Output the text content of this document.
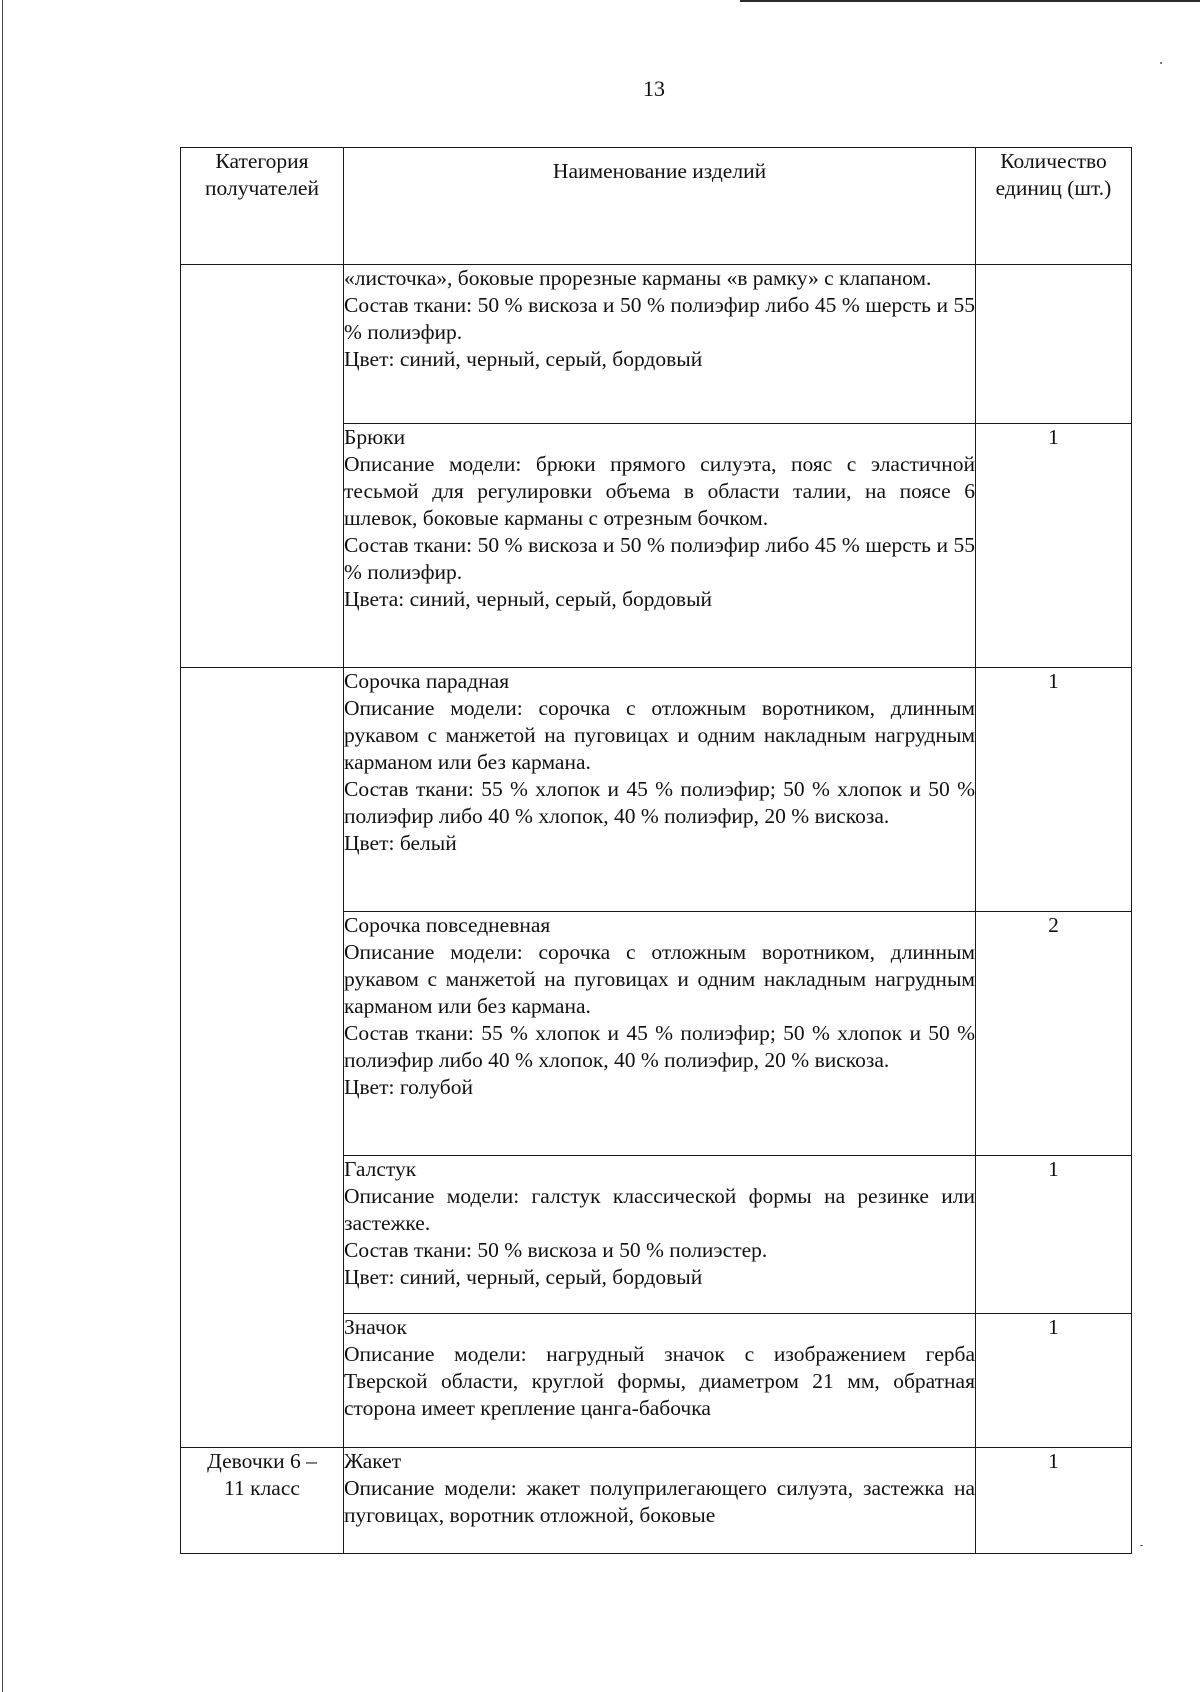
13
Категория получателей	Наименование изделий	Количество единиц (шт.)

	«листочка», боковые прорезные карманы «в рамку» с клапаном.
Состав ткани: 50 % вискоза и 50 % полиэфир либо 45 % шерсть и 55 % полиэфир.
Цвет: синий, черный, серый, бордовый	

	Брюки
Описание модели: брюки прямого силуэта, пояс с эластичной тесьмой для регулировки объема в области талии, на поясе 6 шлевок, боковые карманы с отрезным бочком.
Состав ткани: 50 % вискоза и 50 % полиэфир либо 45 % шерсть и 55 % полиэфир.
Цвета: синий, черный, серый, бордовый	1

	Сорочка парадная
Описание модели: сорочка с отложным воротником, длинным рукавом с манжетой на пуговицах и одним накладным нагрудным карманом или без кармана.
Состав ткани: 55 % хлопок и 45 % полиэфир; 50 % хлопок и 50 % полиэфир либо 40 % хлопок, 40 % полиэфир, 20 % вискоза.
Цвет: белый	1

	Сорочка повседневная
Описание модели: сорочка с отложным воротником, длинным рукавом с манжетой на пуговицах и одним накладным нагрудным карманом или без кармана.
Состав ткани: 55 % хлопок и 45 % полиэфир; 50 % хлопок и 50 % полиэфир либо 40 % хлопок, 40 % полиэфир, 20 % вискоза.
Цвет: голубой	2

	Галстук
Описание модели: галстук классической формы на резинке или застежке.
Состав ткани: 50 % вискоза и 50 % полиэстер.
Цвет: синий, черный, серый, бордовый	1

	Значок
Описание модели: нагрудный значок с изображением герба Тверской области, круглой формы, диаметром 21 мм, обратная сторона имеет крепление цанга-бабочка	1
Девочки 6 – 11 класс	Жакет
Описание модели: жакет полуприлегающего силуэта, застежка на пуговицах, воротник отложной, боковые	1
